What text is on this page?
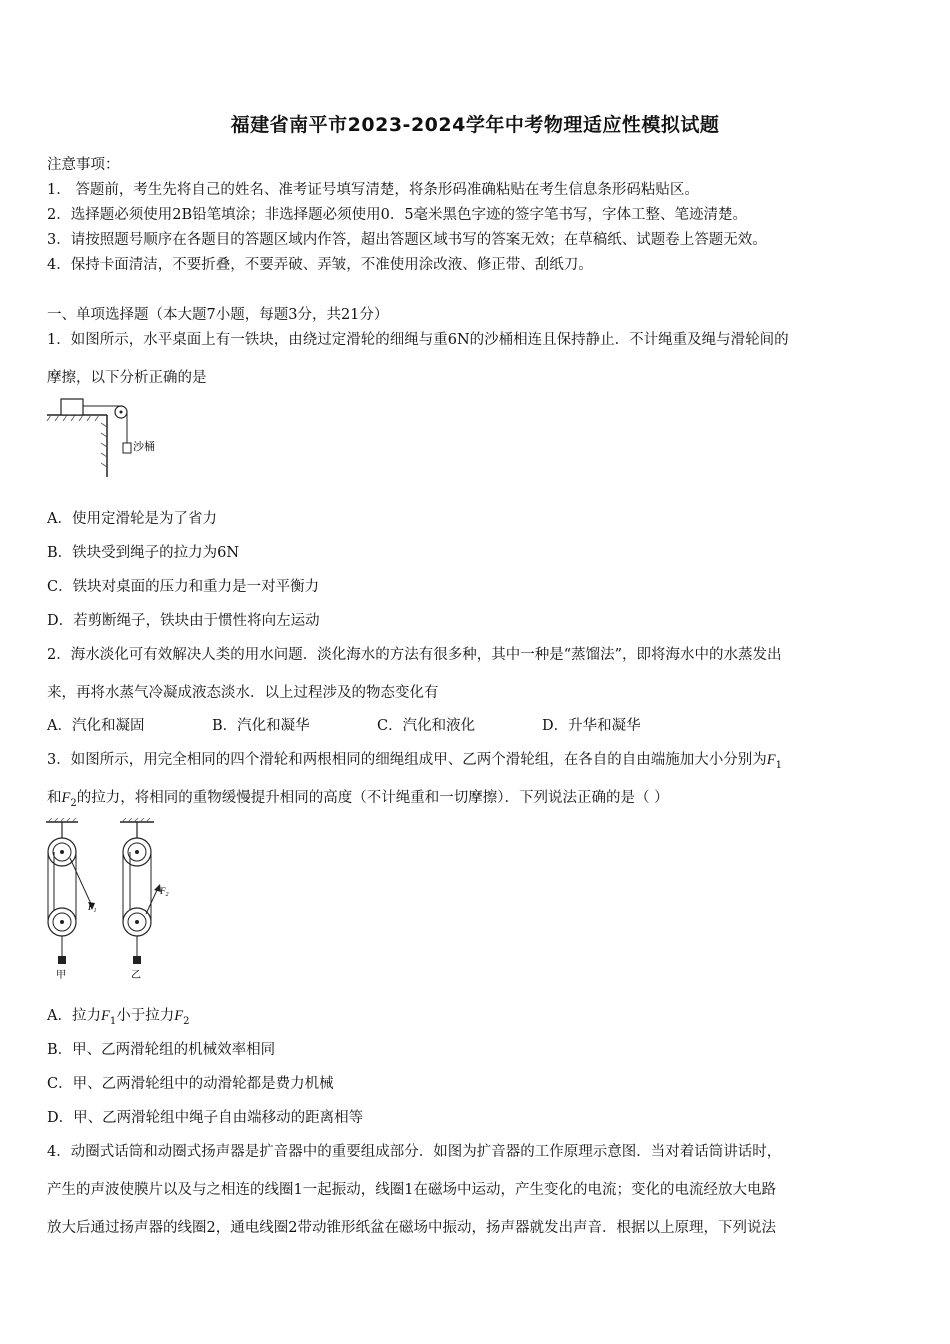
福建省南平市2023-2024学年中考物理适应性模拟试题
注意事项：
1． 答题前，考生先将自己的姓名、准考证号填写清楚，将条形码准确粘贴在考生信息条形码粘贴区。
2．选择题必须使用2B铅笔填涂；非选择题必须使用0．5毫米黑色字迹的签字笔书写，字体工整、笔迹清楚。
3．请按照题号顺序在各题目的答题区域内作答，超出答题区域书写的答案无效；在草稿纸、试题卷上答题无效。
4．保持卡面清洁，不要折叠，不要弄破、弄皱，不准使用涂改液、修正带、刮纸刀。
一、单项选择题（本大题7小题，每题3分，共21分）
1．如图所示，水平桌面上有一铁块，由绕过定滑轮的细绳与重6N的沙桶相连且保持静止．不计绳重及绳与滑轮间的
摩擦，以下分析正确的是
沙桶
A．使用定滑轮是为了省力
B．铁块受到绳子的拉力为6N
C．铁块对桌面的压力和重力是一对平衡力
D．若剪断绳子，铁块由于惯性将向左运动
2．海水淡化可有效解决人类的用水问题．淡化海水的方法有很多种，其中一种是“蒸馏法”，即将海水中的水蒸发出
来，再将水蒸气冷凝成液态淡水．以上过程涉及的物态变化有
A．汽化和凝固	B．汽化和凝华	C．汽化和液化	D．升华和凝华
3．如图所示，用完全相同的四个滑轮和两根相同的细绳组成甲、乙两个滑轮组，在各自的自由端施加大小分别为$F_1$
和$F_2$的拉力，将相同的重物缓慢提升相同的高度（不计绳重和一切摩擦）．下列说法正确的是（ ）
$F_1$
甲
$F_2$
乙
A．拉力$F_1$小于拉力$F_2$
B．甲、乙两滑轮组的机械效率相同
C．甲、乙两滑轮组中的动滑轮都是费力机械
D．甲、乙两滑轮组中绳子自由端移动的距离相等
4．动圈式话筒和动圈式扬声器是扩音器中的重要组成部分．如图为扩音器的工作原理示意图．当对着话筒讲话时，
产生的声波使膜片以及与之相连的线圈1一起振动，线圈1在磁场中运动，产生变化的电流；变化的电流经放大电路
放大后通过扬声器的线圈2，通电线圈2带动锥形纸盆在磁场中振动，扬声器就发出声音．根据以上原理，下列说法
